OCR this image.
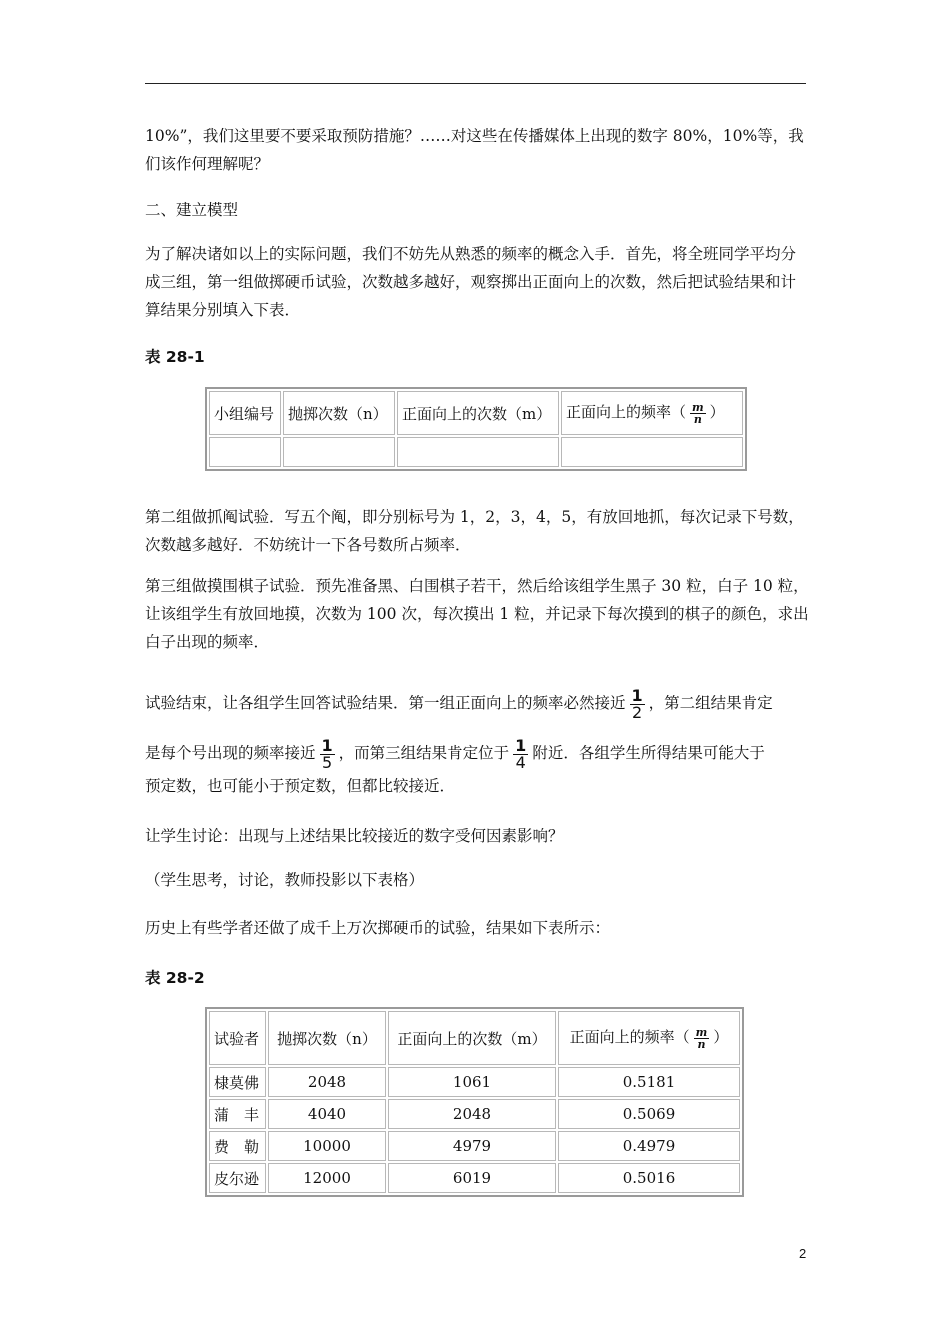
10%”，我们这里要不要采取预防措施？……对这些在传播媒体上出现的数字 80%，10%等，我们该作何理解呢？

二、建立模型

为了解决诸如以上的实际问题，我们不妨先从熟悉的频率的概念入手．首先，将全班同学平均分成三组，第一组做掷硬币试验，次数越多越好，观察掷出正面向上的次数，然后把试验结果和计算结果分别填入下表．

表 28-1
小组编号	抛掷次数（n）	正面向上的次数（m）	正面向上的频率（ $\frac{m}{n}$ ）

第二组做抓阄试验．写五个阄，即分别标号为 1，2，3，4，5，有放回地抓，每次记录下号数，次数越多越好．不妨统计一下各号数所占频率．

第三组做摸围棋子试验．预先准备黑、白围棋子若干，然后给该组学生黑子 30 粒，白子 10 粒，让该组学生有放回地摸，次数为 100 次，每次摸出 1 粒，并记录下每次摸到的棋子的颜色，求出白子出现的频率．

试验结束，让各组学生回答试验结果．第一组正面向上的频率必然接近 $\frac{1}{2}$ ，第二组结果肯定
是每个号出现的频率接近 $\frac{1}{5}$ ，而第三组结果肯定位于 $\frac{1}{4}$ 附近．各组学生所得结果可能大于

预定数，也可能小于预定数，但都比较接近．

让学生讨论：出现与上述结果比较接近的数字受何因素影响？

（学生思考，讨论，教师投影以下表格）

历史上有些学者还做了成千上万次掷硬币的试验，结果如下表所示：

表 28-2
试验者	抛掷次数（n）	正面向上的次数（m）	正面向上的频率（ $\frac{m}{n}$ ）
棣莫佛	2048	1061	0.5181
蒲　丰	4040	2048	0.5069
费　勒	10000	4979	0.4979
皮尔逊	12000	6019	0.5016
2
